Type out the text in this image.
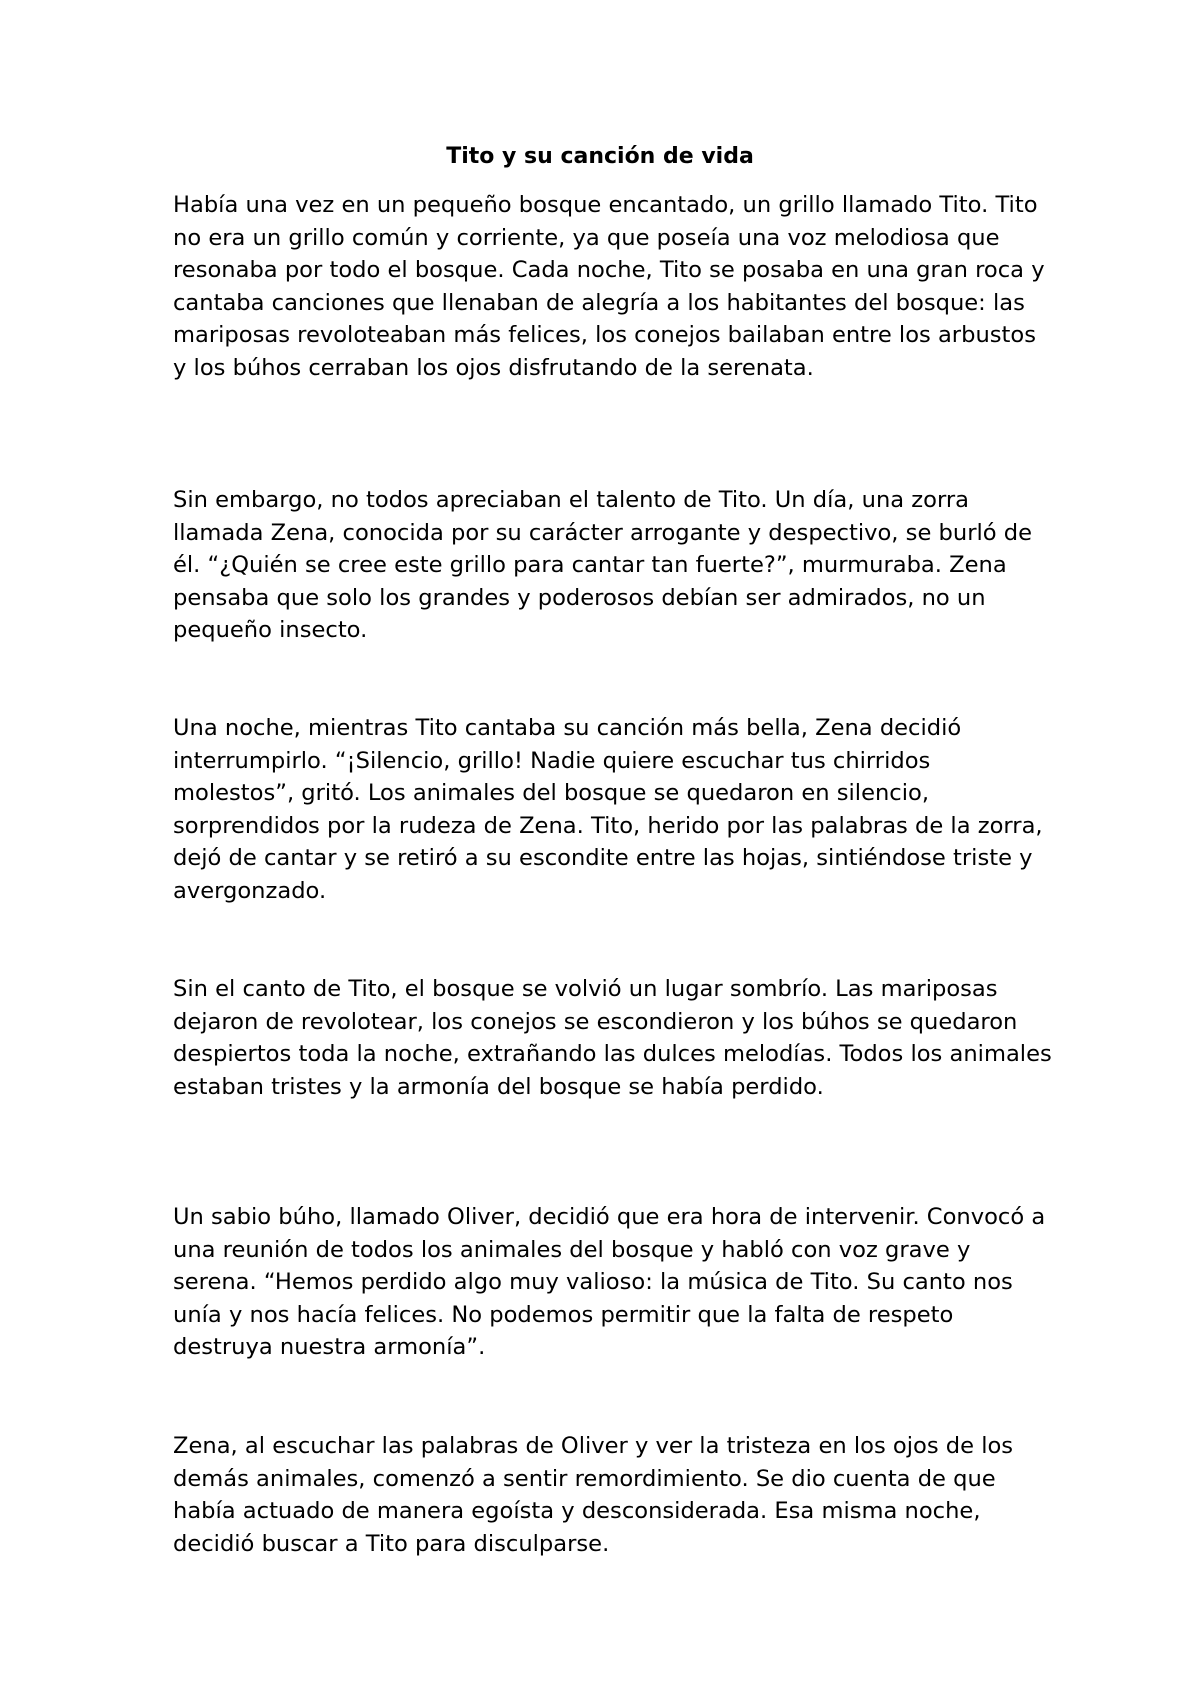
Tito y su canción de vida

Había una vez en un pequeño bosque encantado, un grillo llamado Tito. Tito no era un grillo común y corriente, ya que poseía una voz melodiosa que resonaba por todo el bosque. Cada noche, Tito se posaba en una gran roca y cantaba canciones que llenaban de alegría a los habitantes del bosque: las mariposas revoloteaban más felices, los conejos bailaban entre los arbustos y los búhos cerraban los ojos disfrutando de la serenata.

Sin embargo, no todos apreciaban el talento de Tito. Un día, una zorra llamada Zena, conocida por su carácter arrogante y despectivo, se burló de él. “¿Quién se cree este grillo para cantar tan fuerte?”, murmuraba. Zena pensaba que solo los grandes y poderosos debían ser admirados, no un pequeño insecto.

Una noche, mientras Tito cantaba su canción más bella, Zena decidió interrumpirlo. “¡Silencio, grillo! Nadie quiere escuchar tus chirridos molestos”, gritó. Los animales del bosque se quedaron en silencio, sorprendidos por la rudeza de Zena. Tito, herido por las palabras de la zorra, dejó de cantar y se retiró a su escondite entre las hojas, sintiéndose triste y avergonzado.

Sin el canto de Tito, el bosque se volvió un lugar sombrío. Las mariposas dejaron de revolotear, los conejos se escondieron y los búhos se quedaron despiertos toda la noche, extrañando las dulces melodías. Todos los animales estaban tristes y la armonía del bosque se había perdido.

Un sabio búho, llamado Oliver, decidió que era hora de intervenir. Convocó a una reunión de todos los animales del bosque y habló con voz grave y serena. “Hemos perdido algo muy valioso: la música de Tito. Su canto nos unía y nos hacía felices. No podemos permitir que la falta de respeto destruya nuestra armonía”.

Zena, al escuchar las palabras de Oliver y ver la tristeza en los ojos de los demás animales, comenzó a sentir remordimiento. Se dio cuenta de que había actuado de manera egoísta y desconsiderada. Esa misma noche, decidió buscar a Tito para disculparse.
